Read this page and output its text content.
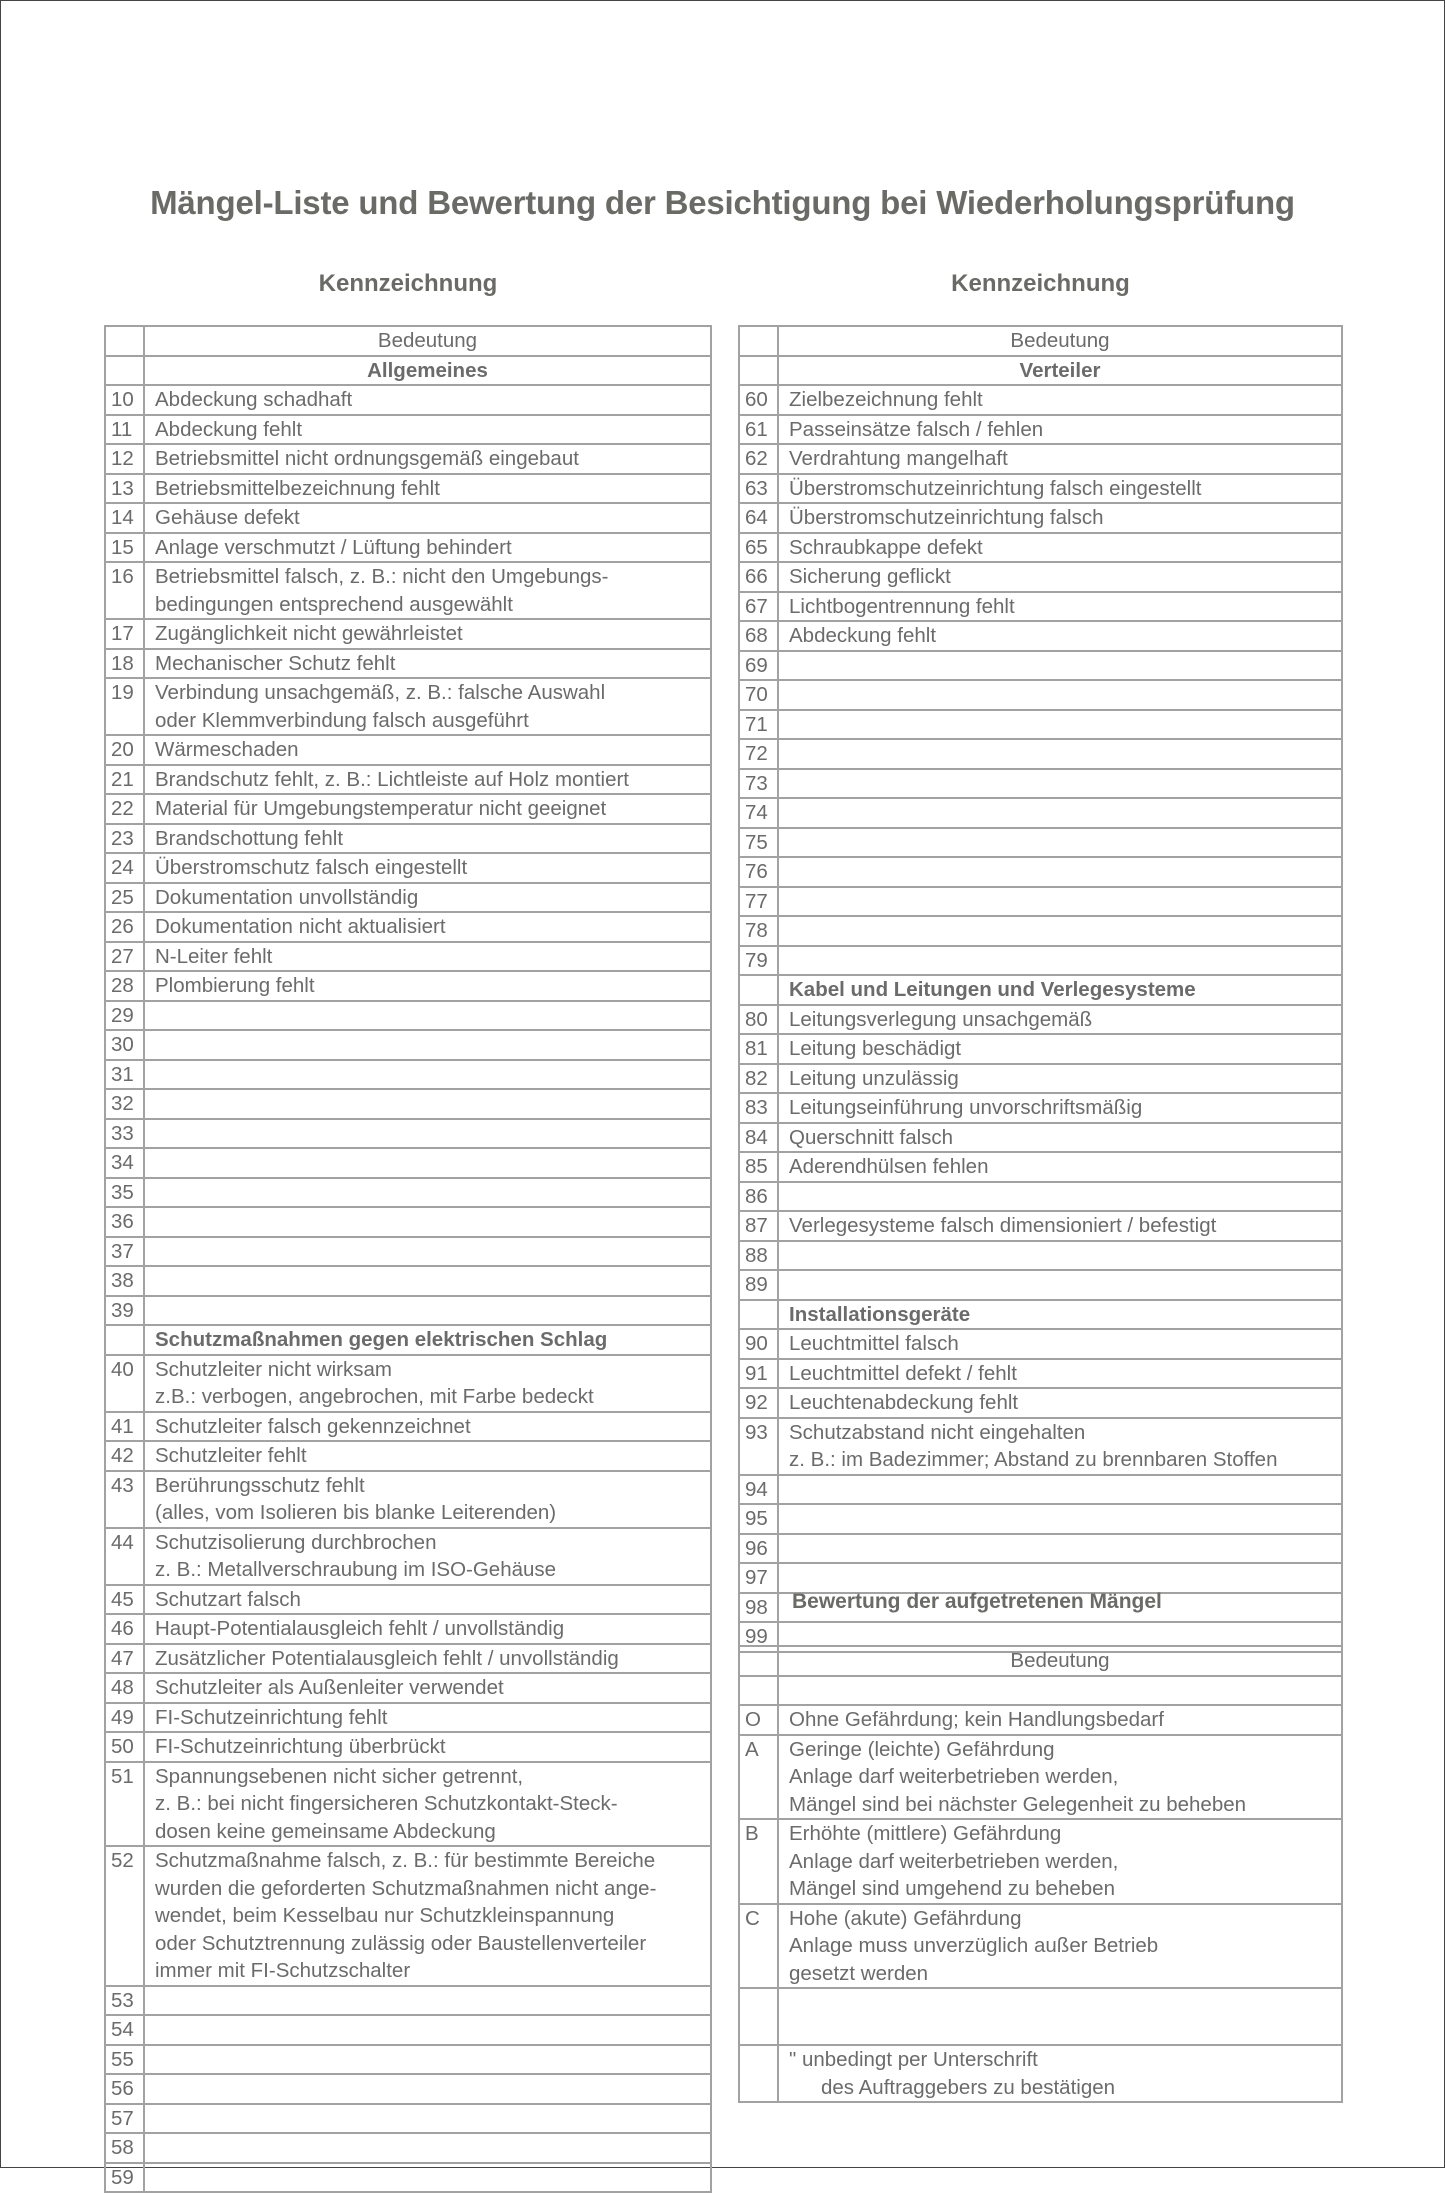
Mängel-Liste und Bewertung der Besichtigung bei Wiederholungsprüfung
Kennzeichnung	Kennzeichnung
	Bedeutung
	Allgemeines
10	Abdeckung schadhaft

11	Abdeckung fehlt

12	Betriebsmittel nicht ordnungsgemäß eingebaut

13	Betriebsmittelbezeichnung fehlt

14	Gehäuse defekt

15	Anlage verschmutzt / Lüftung behindert

16	Betriebsmittel falsch, z. B.: nicht den Umgebungs-
bedingungen entsprechend ausgewählt

17	Zugänglichkeit nicht gewährleistet

18	Mechanischer Schutz fehlt

19	Verbindung unsachgemäß, z. B.: falsche Auswahl
oder Klemmverbindung falsch ausgeführt

20	Wärmeschaden

21	Brandschutz fehlt, z. B.: Lichtleiste auf Holz montiert

22	Material für Umgebungstemperatur nicht geeignet

23	Brandschottung fehlt

24	Überstromschutz falsch eingestellt

25	Dokumentation unvollständig

26	Dokumentation nicht aktualisiert

27	N-Leiter fehlt

28	Plombierung fehlt

29	

30	

31	

32	

33	

34	

35	

36	

37	

38	

39	

	Schutzmaßnahmen gegen elektrischen Schlag
40	Schutzleiter nicht wirksam
z.B.: verbogen, angebrochen, mit Farbe bedeckt

41	Schutzleiter falsch gekennzeichnet

42	Schutzleiter fehlt

43	Berührungsschutz fehlt
(alles, vom Isolieren bis blanke Leiterenden)

44	Schutzisolierung durchbrochen
z. B.: Metallverschraubung im ISO-Gehäuse

45	Schutzart falsch

46	Haupt-Potentialausgleich fehlt / unvollständig

47	Zusätzlicher Potentialausgleich fehlt / unvollständig

48	Schutzleiter als Außenleiter verwendet

49	FI-Schutzeinrichtung fehlt

50	FI-Schutzeinrichtung überbrückt

51	Spannungsebenen nicht sicher getrennt,
z. B.: bei nicht fingersicheren Schutzkontakt-Steck-
dosen keine gemeinsame Abdeckung

52	Schutzmaßnahme falsch, z. B.: für bestimmte Bereiche
wurden die geforderten Schutzmaßnahmen nicht ange-
wendet, beim Kesselbau nur Schutzkleinspannung
oder Schutztrennung zulässig oder Baustellenverteiler
immer mit FI-Schutzschalter

53	

54	

55	

56	

57	

58	

59	

	Bedeutung
	Verteiler
60	Zielbezeichnung fehlt

61	Passeinsätze falsch / fehlen

62	Verdrahtung mangelhaft

63	Überstromschutzeinrichtung falsch eingestellt

64	Überstromschutzeinrichtung falsch

65	Schraubkappe defekt

66	Sicherung geflickt

67	Lichtbogentrennung fehlt

68	Abdeckung fehlt

69	

70	

71	

72	

73	

74	

75	

76	

77	

78	

79	

	Kabel und Leitungen und Verlegesysteme
80	Leitungsverlegung unsachgemäß

81	Leitung beschädigt

82	Leitung unzulässig

83	Leitungseinführung unvorschriftsmäßig

84	Querschnitt falsch

85	Aderendhülsen fehlen

86	

87	Verlegesysteme falsch dimensioniert / befestigt

88	

89	

	Installationsgeräte
90	Leuchtmittel falsch

91	Leuchtmittel defekt / fehlt

92	Leuchtenabdeckung fehlt

93	Schutzabstand nicht eingehalten
z. B.: im Badezimmer; Abstand zu brennbaren Stoffen

94	

95	

96	

97	

98	

99	

Bewertung der aufgetretenen Mängel
	Bedeutung

O	Ohne Gefährdung; kein Handlungsbedarf

A	Geringe (leichte) Gefährdung
Anlage darf weiterbetrieben werden,
Mängel sind bei nächster Gelegenheit zu beheben

B	Erhöhte (mittlere) Gefährdung
Anlage darf weiterbetrieben werden,
Mängel sind umgehend zu beheben

C	Hohe (akute) Gefährdung
Anlage muss unverzüglich außer Betrieb
gesetzt werden

	" unbedingt per Unterschrift
des Auftraggebers zu bestätigen
